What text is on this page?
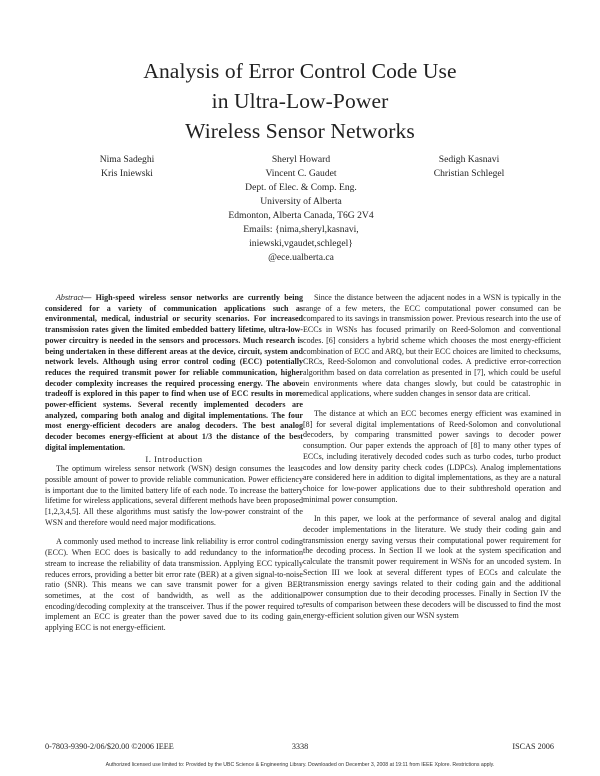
Analysis of Error Control Code Use
in Ultra-Low-Power
Wireless Sensor Networks
Nima Sadeghi
Kris Iniewski
Sheryl Howard
Vincent C. Gaudet
Dept. of Elec. & Comp. Eng.
University of Alberta
Edmonton, Alberta Canada, T6G 2V4
Emails: {nima,sheryl,kasnavi,
iniewski,vgaudet,schlegel}
@ece.ualberta.ca
Sedigh Kasnavi
Christian Schlegel

Abstract— High-speed wireless sensor networks are currently being considered for a variety of communication applications such as environmental, medical, industrial or security scenarios. For increased transmission rates given the limited embedded battery lifetime, ultra-low-power circuitry is needed in the sensors and processors. Much research is being undertaken in these different areas at the device, circuit, system and network levels. Although using error control coding (ECC) potentially reduces the required transmit power for reliable communication, higher decoder complexity increases the required processing energy. The above tradeoff is explored in this paper to find when use of ECC results in more power-efficient systems. Several recently implemented decoders are analyzed, comparing both analog and digital implementations. The four most energy-efficient decoders are analog decoders. The best analog decoder becomes energy-efficient at about 1/3 the distance of the best digital implementation.

I. Introduction

The optimum wireless sensor network (WSN) design consumes the least possible amount of power to provide reliable communication. Power efficiency is important due to the limited battery life of each node. To increase the battery lifetime for wireless applications, several different methods have been proposed [1,2,3,4,5]. All these algorithms must satisfy the low-power constraint of the WSN and therefore would need major modifications.

A commonly used method to increase link reliability is error control coding (ECC). When ECC does is basically to add redundancy to the information stream to increase the reliability of data transmission. Applying ECC typically reduces errors, providing a better bit error rate (BER) at a given signal-to-noise ratio (SNR). This means we can save transmit power for a given BER sometimes, at the cost of bandwidth, as well as the additional encoding/decoding complexity at the transceiver. Thus if the power required to implement an ECC is greater than the power saved due to its coding gain, applying ECC is not energy-efficient.

Since the distance between the adjacent nodes in a WSN is typically in the range of a few meters, the ECC computational power consumed can be compared to its savings in transmission power. Previous research into the use of ECCs in WSNs has focused primarily on Reed-Solomon and conventional codes. [6] considers a hybrid scheme which chooses the most energy-efficient combination of ECC and ARQ, but their ECC choices are limited to checksums, CRCs, Reed-Solomon and convolutional codes. A predictive error-correction algorithm based on data correlation as presented in [7], which could be useful in environments where data changes slowly, but could be catastrophic in medical applications, where sudden changes in sensor data are critical.

The distance at which an ECC becomes energy efficient was examined in [8] for several digital implementations of Reed-Solomon and convolutional decoders, by comparing transmitted power savings to decoder power consumption. Our paper extends the approach of [8] to many other types of ECCs, including iteratively decoded codes such as turbo codes, turbo product codes and low density parity check codes (LDPCs). Analog implementations are considered here in addition to digital implementations, as they are a natural choice for low-power applications due to their subthreshold operation and minimal power consumption.

In this paper, we look at the performance of several analog and digital decoder implementations in the literature. We study their coding gain and transmission energy saving versus their computational power requirement for the decoding process. In Section II we look at the system specification and calculate the transmit power requirement in WSNs for an uncoded system. In Section III we look at several different types of ECCs and calculate the transmission energy savings related to their coding gain and the additional power consumption due to their decoding processes. Finally in Section IV the results of comparison between these decoders will be discussed to find the most energy-efficient solution given our WSN system

0-7803-9390-2/06/$20.00 ©2006 IEEE	3338	ISCAS 2006
Authorized licensed use limited to: Provided by the UBC Science & Engineering Library. Downloaded on December 3, 2008 at 19:11 from IEEE Xplore. Restrictions apply.
